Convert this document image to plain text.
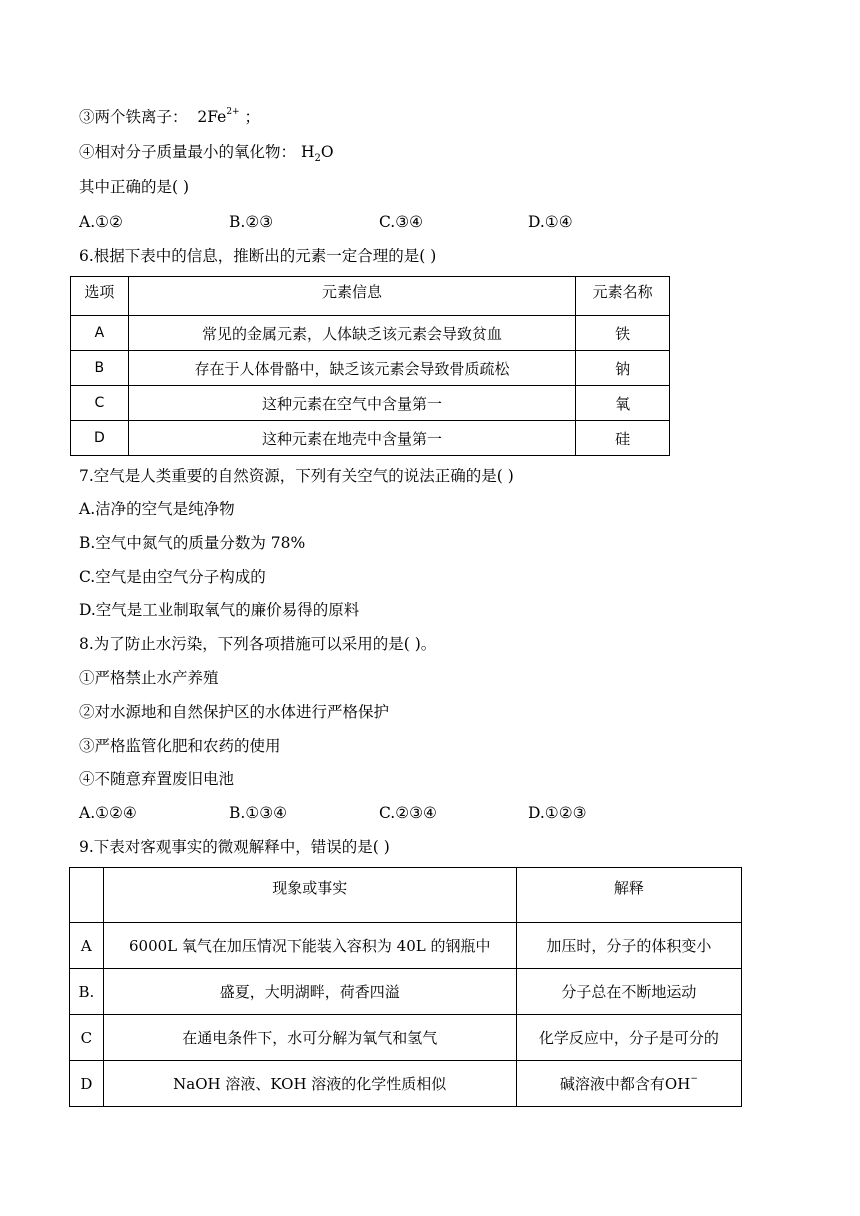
③两个铁离子： $2Fe^{2+}$ ；
④相对分子质量最小的氧化物： $H_2O$
其中正确的是( )
A.①②	B.②③	C.③④	D.①④
6.根据下表中的信息，推断出的元素一定合理的是( )
选项	元素信息	元素名称
A	常见的金属元素，人体缺乏该元素会导致贫血	铁
B	存在于人体骨骼中，缺乏该元素会导致骨质疏松	钠
C	这种元素在空气中含量第一	氧
D	这种元素在地壳中含量第一	硅
7.空气是人类重要的自然资源，下列有关空气的说法正确的是( )
A.洁净的空气是纯净物
B.空气中氮气的质量分数为 78%
C.空气是由空气分子构成的
D.空气是工业制取氧气的廉价易得的原料
8.为了防止水污染，下列各项措施可以采用的是( )。
①严格禁止水产养殖
②对水源地和自然保护区的水体进行严格保护
③严格监管化肥和农药的使用
④不随意弃置废旧电池
A.①②④	B.①③④	C.②③④	D.①②③
9.下表对客观事实的微观解释中，错误的是( )
	现象或事实	解释
A	6000L 氧气在加压情况下能装入容积为 40L 的钢瓶中	加压时，分子的体积变小
B.	盛夏，大明湖畔，荷香四溢	分子总在不断地运动
C	在通电条件下，水可分解为氧气和氢气	化学反应中，分子是可分的
D	NaOH 溶液、KOH 溶液的化学性质相似	碱溶液中都含有OH−
